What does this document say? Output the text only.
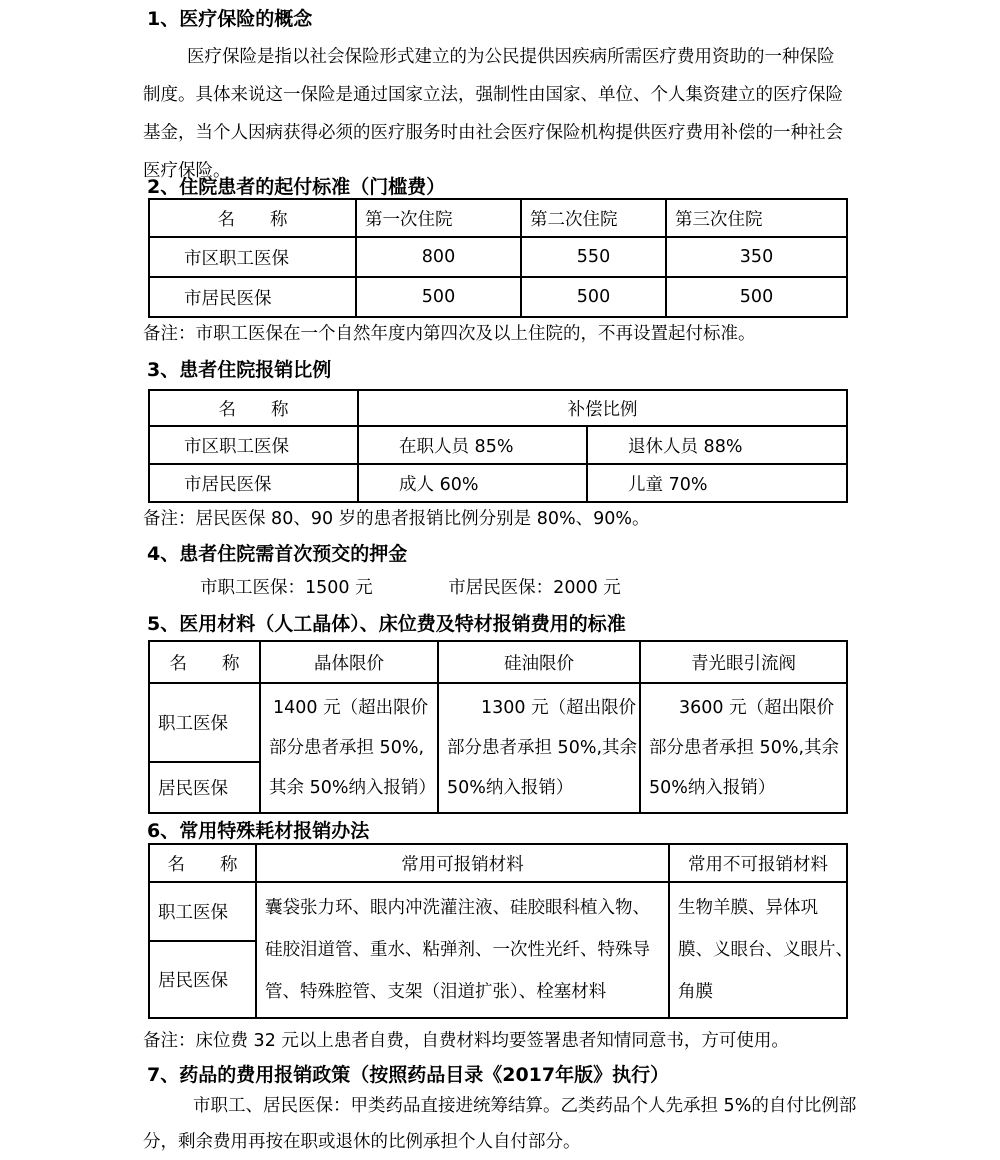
1、医疗保险的概念

医疗保险是指以社会保险形式建立的为公民提供因疾病所需医疗费用资助的一种保险
制度。具体来说这一保险是通过国家立法，强制性由国家、单位、个人集资建立的医疗保险
基金，当个人因病获得必须的医疗服务时由社会医疗保险机构提供医疗费用补偿的一种社会
医疗保险。

2、住院患者的起付标准（门槛费）
名　　称	第一次住院	第二次住院	第三次住院
市区职工医保	800	550	350
市居民医保	500	500	500

备注：市职工医保在一个自然年度内第四次及以上住院的，不再设置起付标准。

3、患者住院报销比例
名　　称	补偿比例	
市区职工医保	在职人员 85%	退休人员 88%
市居民医保	成人 60%	儿童 70%

备注：居民医保 80、90 岁的患者报销比例分别是 80%、90%。

4、患者住院需首次预交的押金

市职工医保：1500 元	市居民医保：2000 元

5、医用材料（人工晶体）、床位费及特材报销费用的标准
名　　称	晶体限价	硅油限价	青光眼引流阀
职工医保	1400 元（超出限价
部分患者承担 50%,
其余 50%纳入报销）	1300 元（超出限价
部分患者承担 50%,其余
50%纳入报销）	3600 元（超出限价
部分患者承担 50%,其余
50%纳入报销）
居民医保			
6、常用特殊耗材报销办法
名　　称	常用可报销材料	常用不可报销材料
职工医保	囊袋张力环、眼内冲洗灌注液、硅胶眼科植入物、
硅胶泪道管、重水、粘弹剂、一次性光纤、特殊导
管、特殊腔管、支架（泪道扩张）、栓塞材料	生物羊膜、异体巩
膜、义眼台、义眼片、
角膜
居民医保		

备注：床位费 32 元以上患者自费，自费材料均要签署患者知情同意书，方可使用。

7、药品的费用报销政策（按照药品目录《2017年版》执行）

市职工、居民医保：甲类药品直接进统筹结算。乙类药品个人先承担 5%的自付比例部
分，剩余费用再按在职或退休的比例承担个人自付部分。
